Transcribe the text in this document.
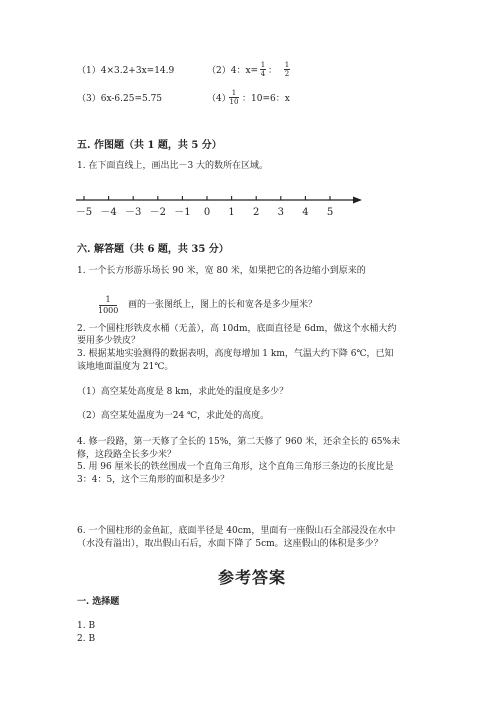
（1）4×3.2+3x=14.9	（2）4：x=
1
4 ：
1
2
（3）6x-6.25=5.75	（4）
1
10 ：10=6：x
五. 作图题（共 1 题，共 5 分）
1. 在下面直线上，画出比－3 大的数所在区域。
－5 －4 －3 －2 －1 0 1 2 3 4 5
六. 解答题（共 6 题，共 35 分）
1. 一个长方形游乐场长 90 米，宽 80 米，如果把它的各边缩小到原来的
1
1000
画的一张图纸上，图上的长和宽各是多少厘米？
2. 一个圆柱形铁皮水桶（无盖），高 10dm，底面直径是 6dm，做这个水桶大约
要用多少铁皮？
3. 根据某地实验测得的数据表明，高度每增加 1 km，气温大约下降 6℃，已知
该地地面温度为 21℃。
（1）高空某处高度是 8 km，求此处的温度是多少？
（2）高空某处温度为一24 ℃，求此处的高度。
4. 修一段路，第一天修了全长的 15%，第二天修了 960 米，还余全长的 65%未
修，这段路全长多少米？
5. 用 96 厘米长的铁丝围成一个直角三角形，这个直角三角形三条边的长度比是
3：4：5，这个三角形的面积是多少？
6. 一个圆柱形的金鱼缸，底面半径是 40cm，里面有一座假山石全部浸没在水中
（水没有溢出），取出假山石后，水面下降了 5cm。这座假山的体积是多少？
参考答案
一. 选择题
1. B
2. B
